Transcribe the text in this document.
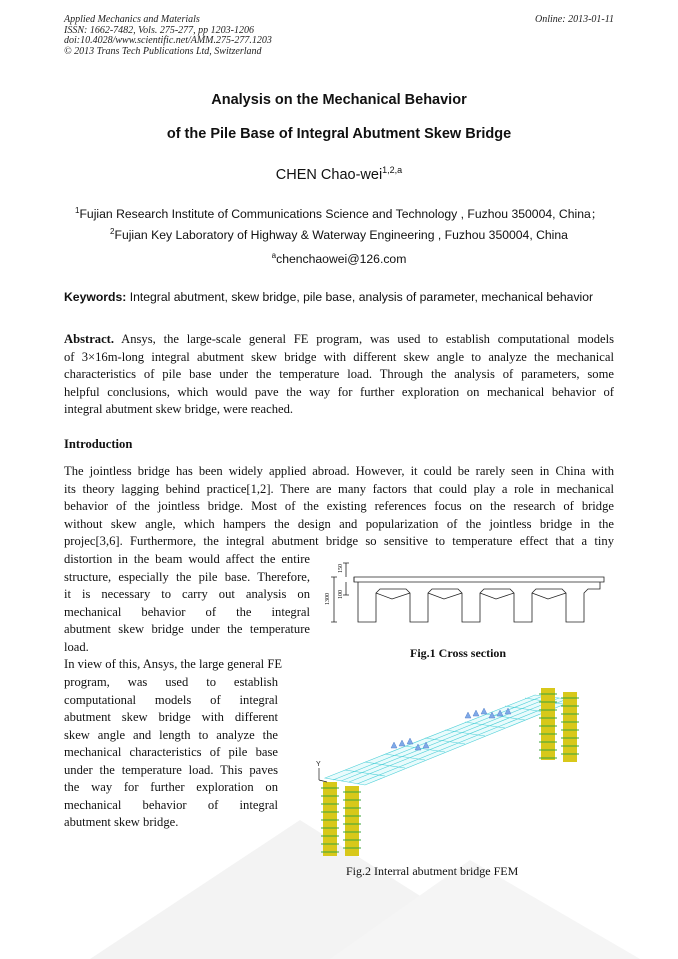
Applied Mechanics and Materials
ISSN: 1662-7482, Vols. 275-277, pp 1203-1206
doi:10.4028/www.scientific.net/AMM.275-277.1203
© 2013 Trans Tech Publications Ltd, Switzerland
Online: 2013-01-11
Analysis on the Mechanical Behavior
of the Pile Base of Integral Abutment Skew Bridge
CHEN Chao-wei$^{1,2,a}$
$^1$Fujian Research Institute of Communications Science and Technology , Fuzhou 350004, China；
$^2$Fujian Key Laboratory of Highway & Waterway Engineering , Fuzhou 350004, China
$^a$chenchaowei@126.com
Keywords: Integral abutment, skew bridge, pile base, analysis of parameter, mechanical behavior
Abstract. Ansys, the large-scale general FE program, was used to establish computational models
of 3×16m-long integral abutment skew bridge with different skew angle to analyze the mechanical
characteristics of pile base under the temperature load. Through the analysis of parameters, some
helpful conclusions, which would pave the way for further exploration on mechanical behavior of
integral abutment skew bridge, were reached.
Introduction
The jointless bridge has been widely applied abroad. However, it could be rarely seen in China with
its theory lagging behind practice[1,2]. There are many factors that could play a role in mechanical
behavior of the jointless bridge. Most of the existing references focus on the research of bridge
without skew angle, which hampers the design and popularization of the jointless bridge in the
projec[3,6]. Furthermore, the integral abutment bridge so sensitive to temperature effect that a tiny
distortion in the beam would affect the entire
structure, especially the pile base. Therefore,
it is necessary to carry out analysis on
mechanical behavior of the integral
abutment skew bridge under the temperature
load.
In view of this, Ansys, the large general FE
program, was used to establish
computational models of integral
abutment skew bridge with different
skew angle and length to analyze the
mechanical characteristics of pile base
under the temperature load. This paves
the way for further exploration on
mechanical behavior of integral
abutment skew bridge.
1300
150
100
Fig.1 Cross section
Y
Fig.2 Interral abutment bridge FEM
